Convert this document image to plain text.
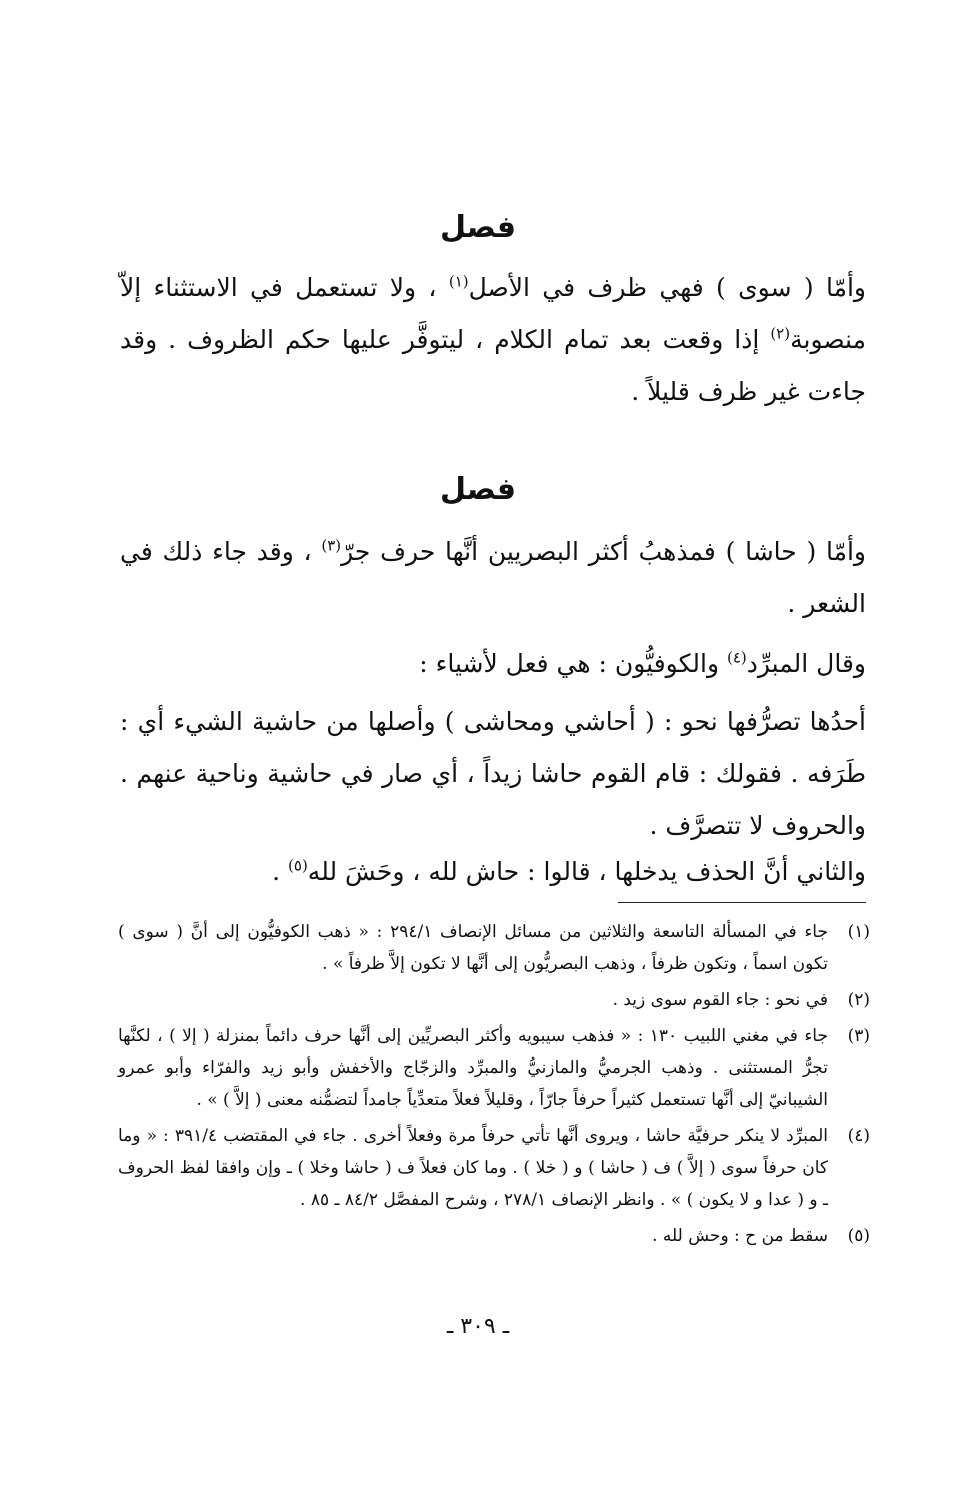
فصل

وأمّا ( سوى ) فهي ظرف في الأصل$^{(١)}$ ، ولا تستعمل في الاستثناء إلاّ منصوبة$^{(٢)}$ إذا وقعت بعد تمام الكلام ، ليتوفَّر عليها حكم الظروف . وقد جاءت غير ظرف قليلاً .

فصل

وأمّا ( حاشا ) فمذهبُ أكثر البصريين أنَّها حرف جرّ$^{(٣)}$ ، وقد جاء ذلك في الشعر .

وقال المبرِّد$^{(٤)}$ والكوفيُّون : هي فعل لأشياء :

أحدُها تصرُّفها نحو : ( أحاشي ومحاشى ) وأصلها من حاشية الشيء أي : طَرَفه . فقولك : قام القوم حاشا زيداً ، أي صار في حاشية وناحية عنهم . والحروف لا تتصرَّف .

والثاني أنَّ الحذف يدخلها ، قالوا : حاش لله ، وحَشَ لله$^{(٥)}$ .

(١)
جاء في المسألة التاسعة والثلاثين من مسائل الإنصاف ٢٩٤/١ : « ذهب الكوفيُّون إلى أنَّ ( سوى ) تكون اسماً ، وتكون ظرفاً ، وذهب البصريُّون إلى أنَّها لا تكون إلاَّ ظرفاً » .
(٢)
في نحو : جاء القوم سوى زيد .
(٣)
جاء في مغني اللبيب ١٣٠ : « فذهب سيبويه وأكثر البصريِّين إلى أنَّها حرف دائماً بمنزلة ( إلا ) ، لكنَّها تجرُّ المستثنى . وذهب الجرميُّ والمازنيُّ والمبرِّد والزجّاج والأخفش وأبو زيد والفرّاء وأبو عمرو الشيبانيّ إلى أنَّها تستعمل كثيراً حرفاً جارّاً ، وقليلاً فعلاً متعدِّياً جامداً لتضمُّنه معنى ( إلاَّ ) » .
(٤)
المبرِّد لا ينكر حرفيَّة حاشا ، ويروى أنَّها تأتي حرفاً مرة وفعلاً أخرى . جاء في المقتضب ٣٩١/٤ : « وما كان حرفاً سوى ( إلاَّ ) ف ( حاشا ) و ( خلا ) . وما كان فعلاً ف ( حاشا وخلا ) ـ وإن وافقا لفظ الحروف ـ و ( عدا و لا يكون ) » . وانظر الإنصاف ٢٧٨/١ ، وشرح المفصَّل ٨٤/٢ ـ ٨٥ .
(٥)
سقط من ح : وحش لله .
ـ ٣٠٩ ـ
